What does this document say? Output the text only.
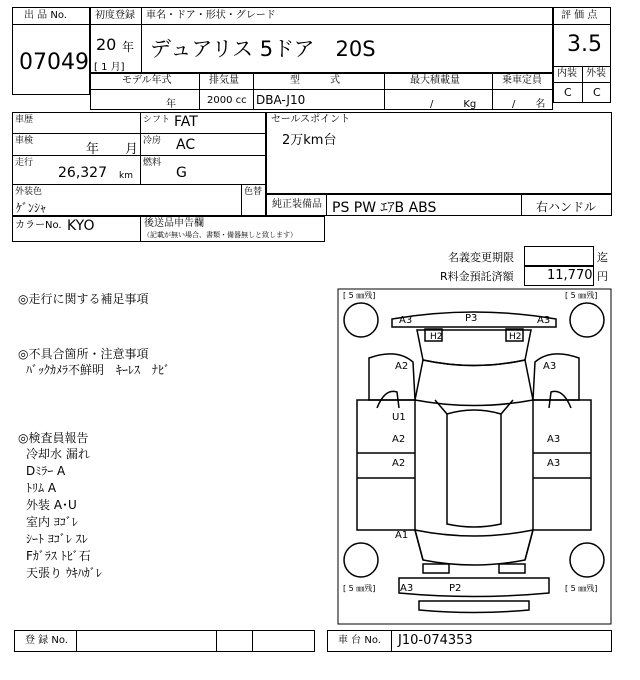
出 品 No.
07049
初度登録 車名・ドア・形状・グレード
20 年
[ 1 月]
デュアリス 5ドア　20S
評 価 点
3.5
内装 外装
C C
モデル年式	排気量	型　　　式	最大積載量	乗車定員
年	2000 cc DBA-J10	/　　　Kg	/　　名
車歴	シフト FAT
車検
年　　月
冷房 AC
走行
26,327 km
燃料
G
外装色
ｹﾞﾝｼｬ
色替
カラーNo. KYO	後送品申告欄
（記載が無い場合、書類・備器無しと致します）
セールスポイント
2万km台
純正装備品 PS PW ｴｱB ABS	右ハンドル
名義変更期限	迄
R料金預託済額	11,770 円
◎走行に関する補足事項
◎不具合箇所・注意事項
ﾊﾞｯｸｶﾒﾗ不鮮明　ｷｰﾚｽ　ﾅﾋﾞ
◎検査員報告
冷却水 漏れ
Dﾐﾗｰ A
ﾄﾘﾑ A
外装 A･U
室内 ﾖｺﾞﾚ
ｼｰﾄ ﾖｺﾞﾚ ｽﾚ
Fｶﾞﾗｽ ﾄﾋﾞ石
天張り ｳｷﾊｶﾞﾚ
[ 5 ㎜残]	[ 5 ㎜残]
[ 5 ㎜残]	[ 5 ㎜残]
A3	P3	A3
H2	H2
A2	A3
U1
A2	A3
A2	A3
A1
A3	P2
登 録 No.	車 台 No. J10-074353
